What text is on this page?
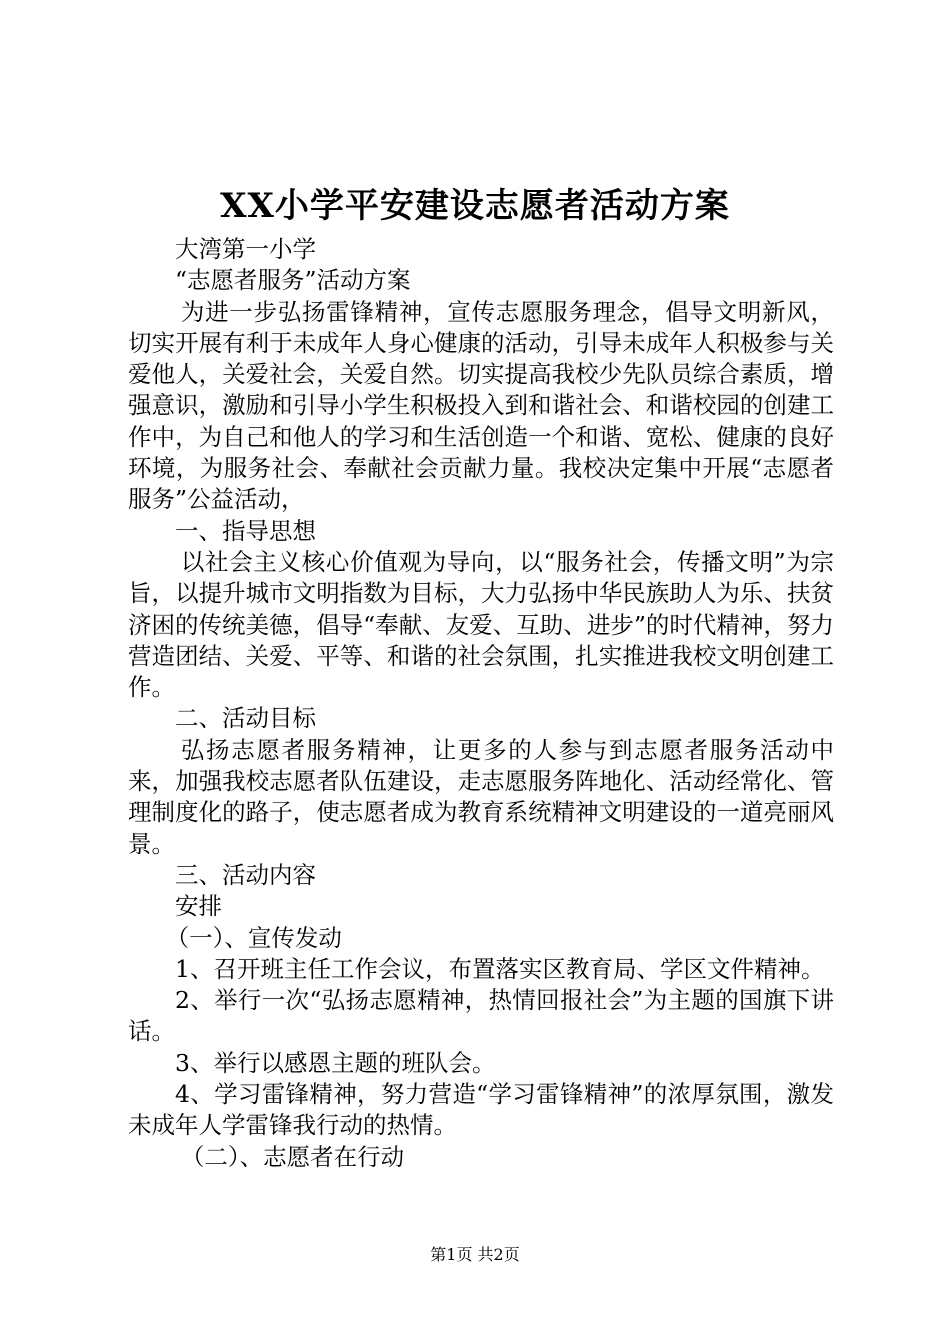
XX小学平安建设志愿者活动方案

大湾第一小学

“志愿者服务”活动方案

为进一步弘扬雷锋精神，宣传志愿服务理念，倡导文明新风，切实开展有利于未成年人身心健康的活动，引导未成年人积极参与关爱他人，关爱社会，关爱自然。切实提高我校少先队员综合素质，增强意识，激励和引导小学生积极投入到和谐社会、和谐校园的创建工作中，为自己和他人的学习和生活创造一个和谐、宽松、健康的良好环境，为服务社会、奉献社会贡献力量。我校决定集中开展“志愿者服务”公益活动，

一、指导思想

以社会主义核心价值观为导向，以“服务社会，传播文明”为宗旨，以提升城市文明指数为目标，大力弘扬中华民族助人为乐、扶贫济困的传统美德，倡导“奉献、友爱、互助、进步”的时代精神，努力营造团结、关爱、平等、和谐的社会氛围，扎实推进我校文明创建工作。

二、活动目标

弘扬志愿者服务精神，让更多的人参与到志愿者服务活动中来，加强我校志愿者队伍建设，走志愿服务阵地化、活动经常化、管理制度化的路子，使志愿者成为教育系统精神文明建设的一道亮丽风景。

三、活动内容

安排

（一）、宣传发动

1、召开班主任工作会议，布置落实区教育局、学区文件精神。

2、举行一次“弘扬志愿精神，热情回报社会”为主题的国旗下讲话。

3、举行以感恩主题的班队会。

4、学习雷锋精神，努力营造“学习雷锋精神”的浓厚氛围，激发未成年人学雷锋我行动的热情。

（二）、志愿者在行动

第1页 共2页
